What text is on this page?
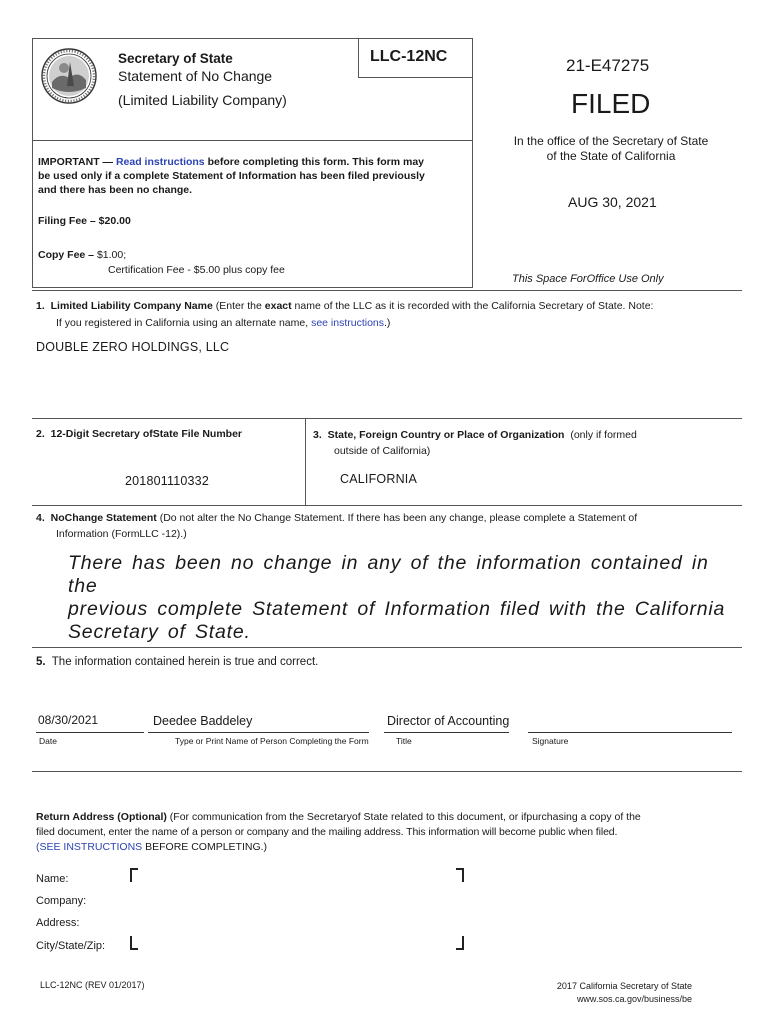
Secretary of State
Statement of No Change
(Limited Liability Company)
LLC-12NC
IMPORTANT — Read instructions before completing this form. This form may
be used only if a complete Statement of Information has been filed previously
and there has been no change.
Filing Fee – $20.00
Copy Fee – $1.00;
Certification Fee - $5.00 plus copy fee
21-E47275
FILED
In the office of the Secretary of State
of the State of California
AUG 30, 2021
This Space ForOffice Use Only
1. Limited Liability Company Name (Enter the exact name of the LLC as it is recorded with the California Secretary of State. Note:
If you registered in California using an alternate name, see instructions.)
DOUBLE ZERO HOLDINGS, LLC
2. 12-Digit Secretary ofState File Number
201801110332
3. State, Foreign Country or Place of Organization (only if formed
outside of California)
CALIFORNIA
4. NoChange Statement (Do not alter the No Change Statement. If there has been any change, please complete a Statement of
Information (FormLLC -12).)
There has been no change in any of the information contained in the
previous complete Statement of Information filed with the California
Secretary of State.
5. The information contained herein is true and correct.
08/30/2021	Deedee Baddeley	Director of Accounting
Date	Type or Print Name of Person Completing the Form	Title	Signature
Return Address (Optional) (For communication from the Secretaryof State related to this document, or ifpurchasing a copy of the
filed document, enter the name of a person or company and the mailing address. This information will become public when filed.
(SEE INSTRUCTIONS BEFORE COMPLETING.)
Name:
Company:
Address:
City/State/Zip:
LLC-12NC (REV 01/2017)	2017 California Secretary of State
www.sos.ca.gov/business/be
